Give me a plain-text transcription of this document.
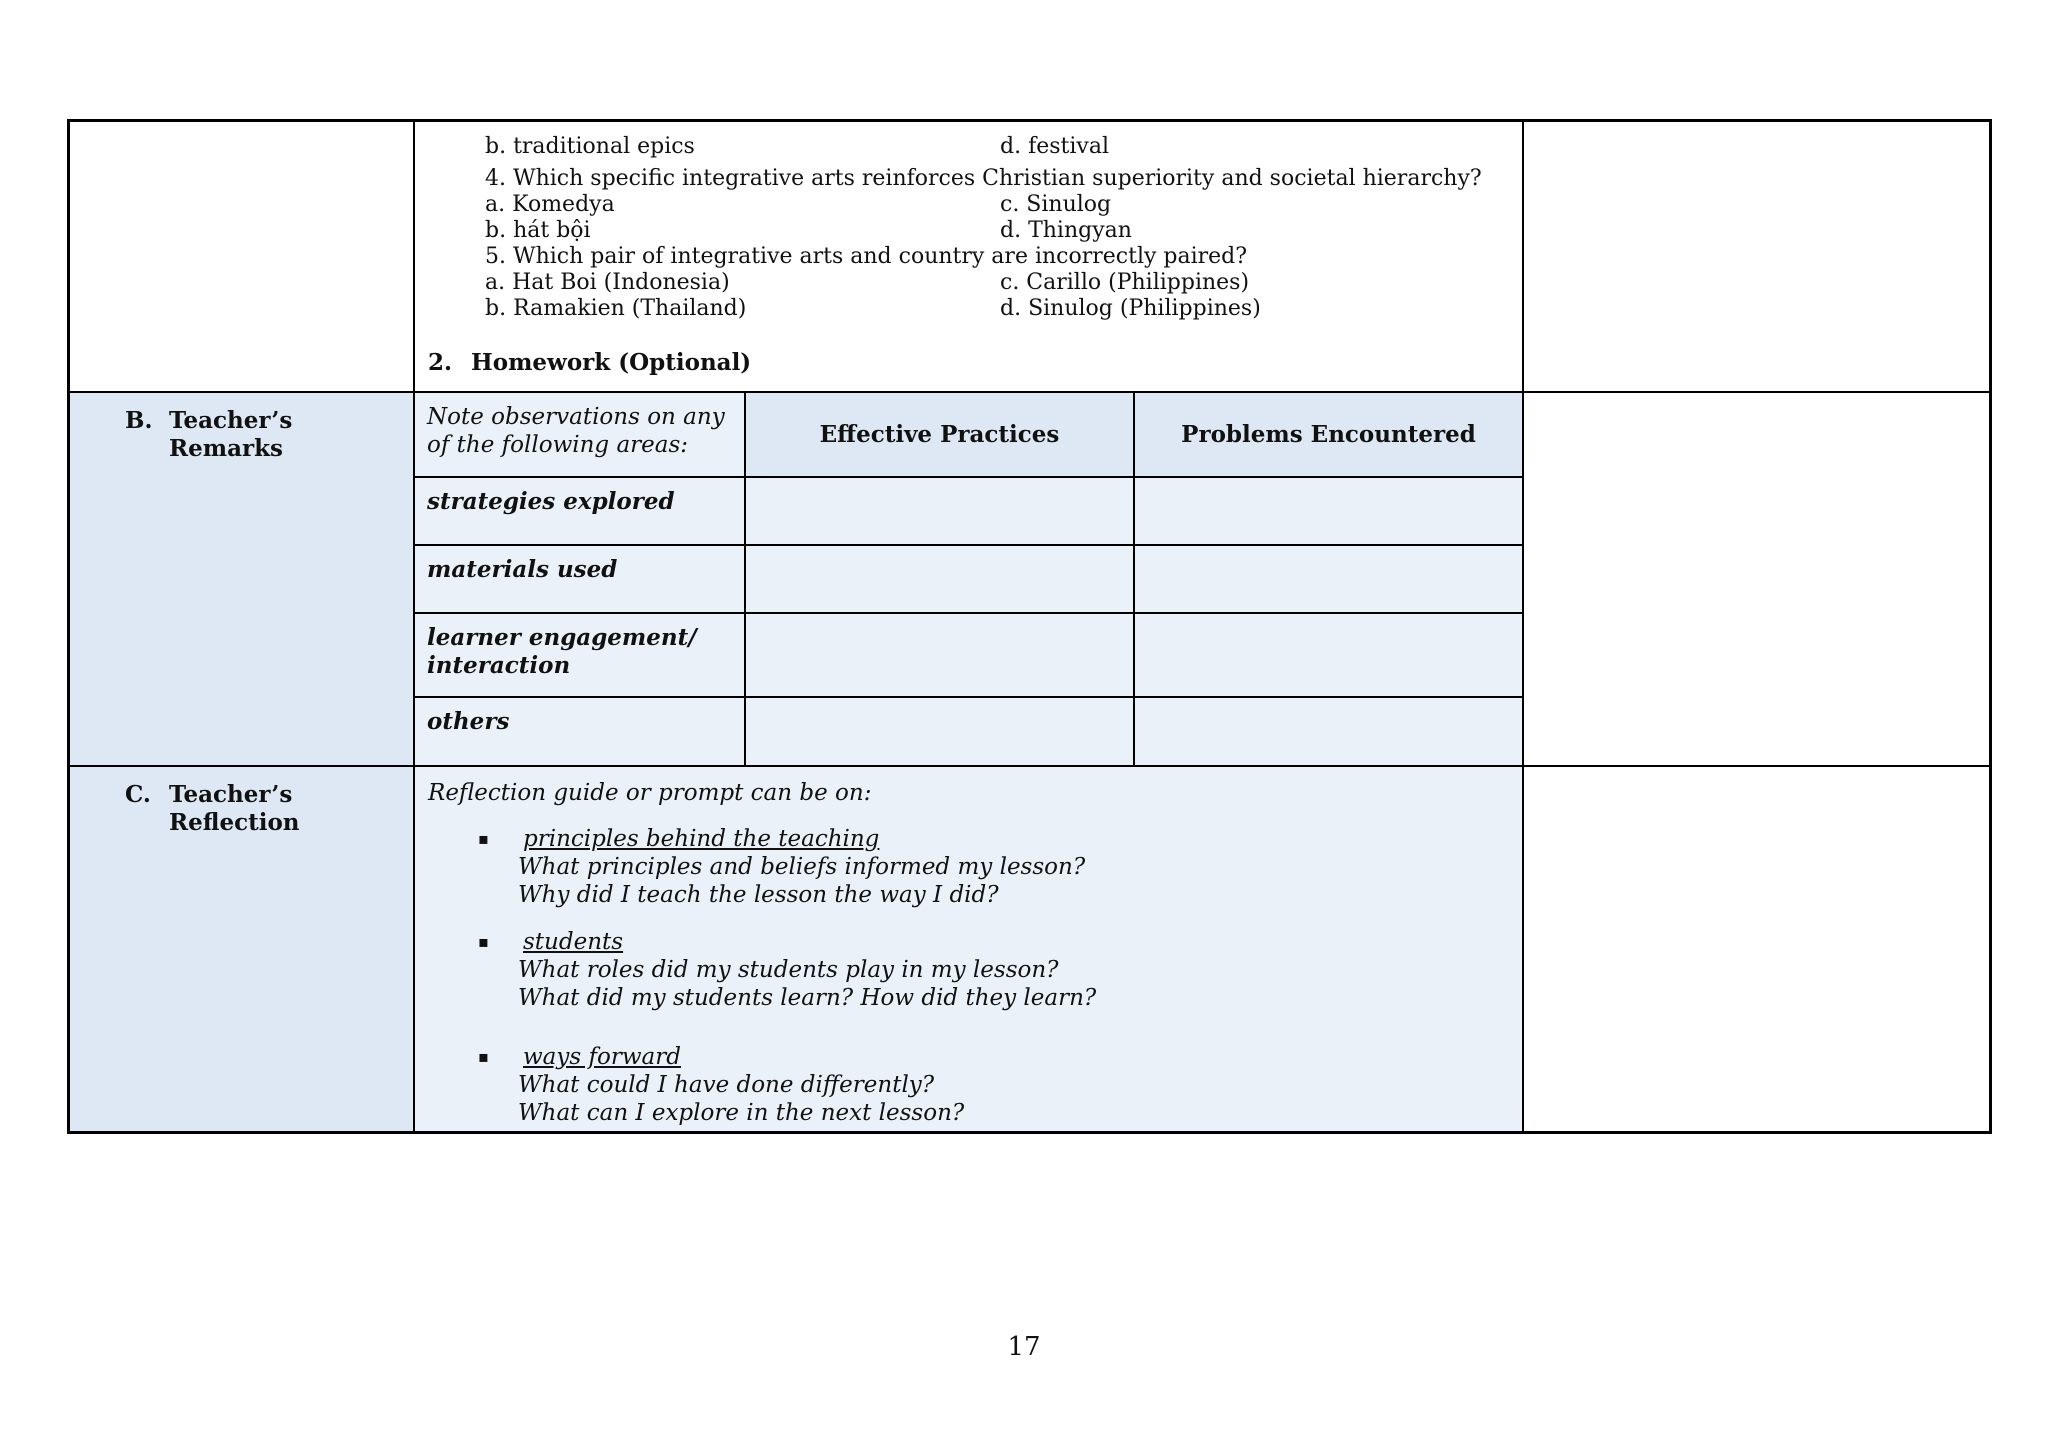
b. traditional epics	d. festival
4. Which specific integrative arts reinforces Christian superiority and societal hierarchy?
a. Komedya	c. Sinulog
b. hát bội	d. Thingyan
5. Which pair of integrative arts and country are incorrectly paired?
a. Hat Boi (Indonesia)	c. Carillo (Philippines)
b. Ramakien (Thailand)	d. Sinulog (Philippines)
2. Homework (Optional)

B. Teacher’s
Remarks

Note observations on any of the following areas:	Effective Practices	Problems Encountered
strategies explored		
materials used		
learner engagement/ interaction		
others		

C. Teacher’s
Reflection

Reflection guide or prompt can be on:
▪ principles behind the teaching
What principles and beliefs informed my lesson?
Why did I teach the lesson the way I did?
▪ students
What roles did my students play in my lesson?
What did my students learn? How did they learn?
▪ ways forward
What could I have done differently?
What can I explore in the next lesson?

17
